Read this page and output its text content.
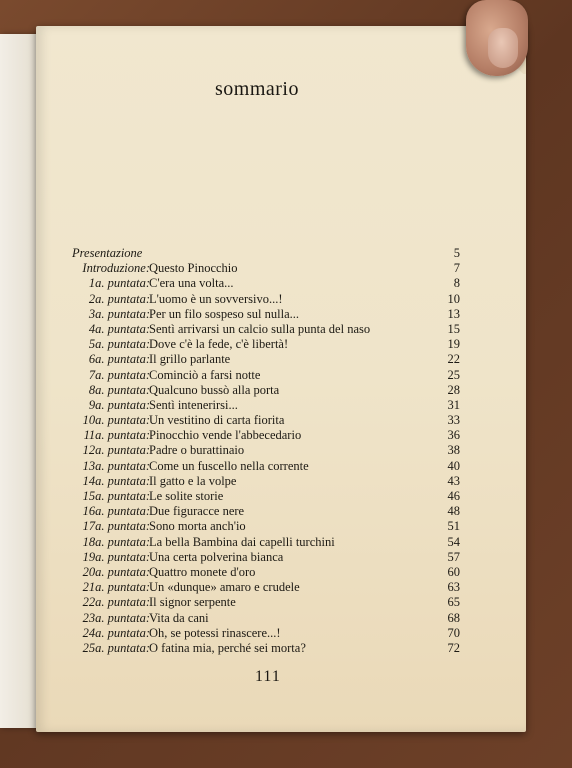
sommario
Presentazione	5
Introduzione: Questo Pinocchio	7
1a. puntata: C'era una volta...	8
2a. puntata: L'uomo è un sovversivo...!	10
3a. puntata: Per un filo sospeso sul nulla...	13
4a. puntata: Sentì arrivarsi un calcio sulla punta del naso	15
5a. puntata: Dove c'è la fede, c'è libertà!	19
6a. puntata: Il grillo parlante	22
7a. puntata: Cominciò a farsi notte	25
8a. puntata: Qualcuno bussò alla porta	28
9a. puntata: Sentì intenerirsi...	31
10a. puntata: Un vestitino di carta fiorita	33
11a. puntata: Pinocchio vende l'abbecedario	36
12a. puntata: Padre o burattinaio	38
13a. puntata: Come un fuscello nella corrente	40
14a. puntata: Il gatto e la volpe	43
15a. puntata: Le solite storie	46
16a. puntata: Due figuracce nere	48
17a. puntata: Sono morta anch'io	51
18a. puntata: La bella Bambina dai capelli turchini	54
19a. puntata: Una certa polverina bianca	57
20a. puntata: Quattro monete d'oro	60
21a. puntata: Un «dunque» amaro e crudele	63
22a. puntata: Il signor serpente	65
23a. puntata: Vita da cani	68
24a. puntata: Oh, se potessi rinascere...!	70
25a. puntata: O fatina mia, perché sei morta?	72
111
